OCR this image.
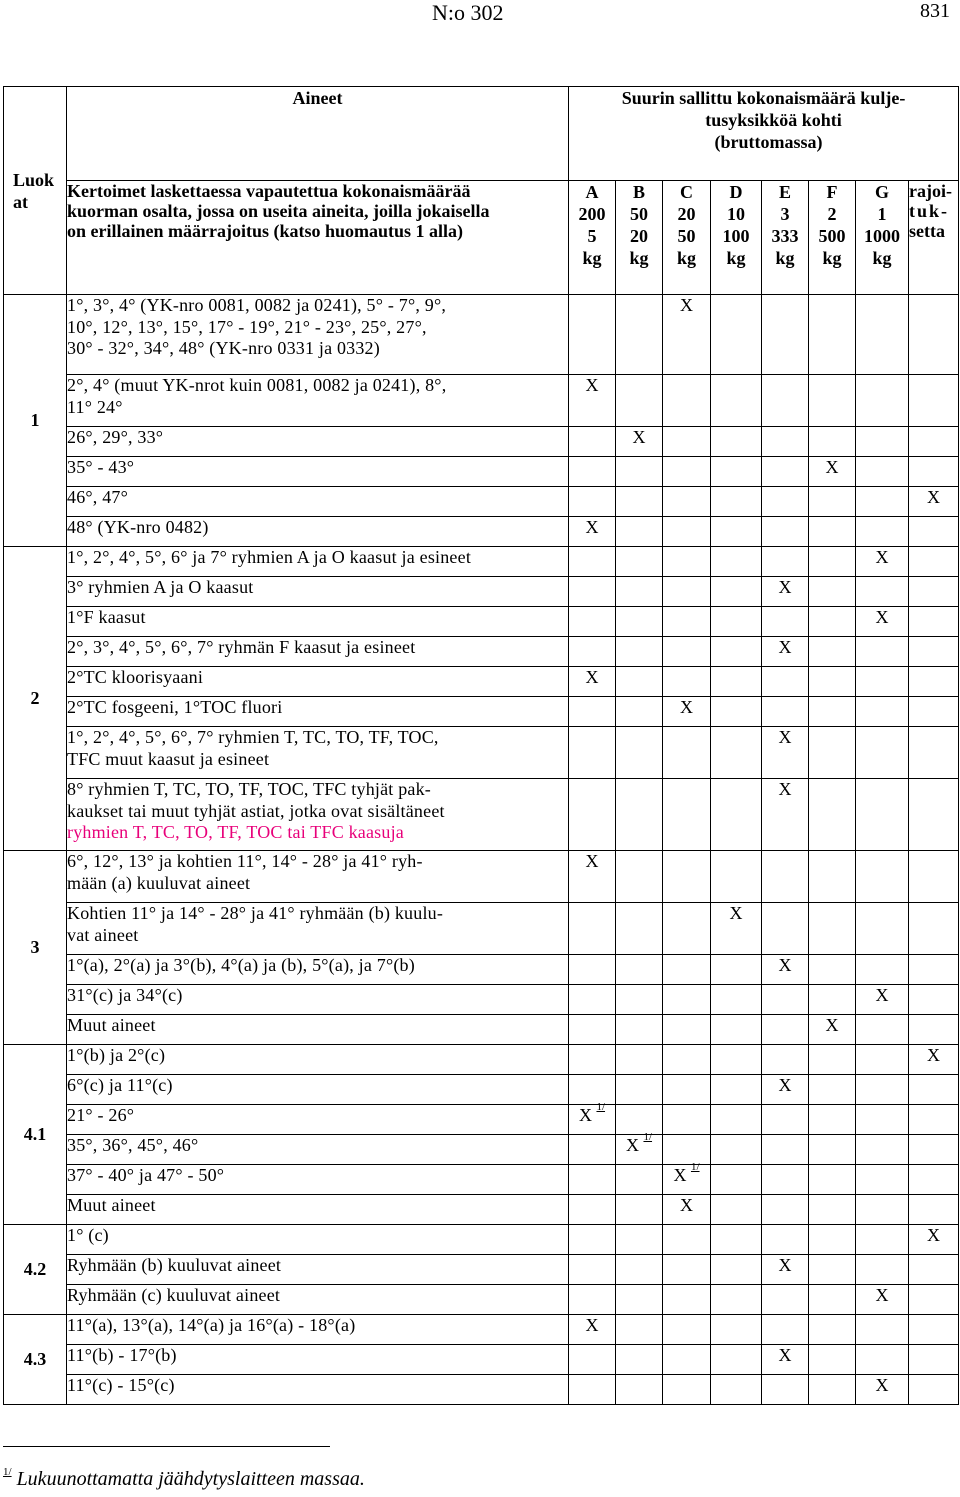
N:o 302	831
Luokat	Aineet	Suurin sallittu kokonaismäärä kulje-
tusyksikköä kohti
(bruttomassa)							

	Kertoimet laskettaessa vapautettua kokonaismäärää
kuorman osalta, jossa on useita aineita, joilla jokaisella
on erillainen määrrajoitus (katso huomautus 1 alla)	A
200
5
kg	B
50
20
kg	C
20
50
kg	D
10
100
kg	E
3
333
kg	F
2
500
kg	G
1
1000
kg	rajoi-
tuk-
setta

1	1°, 3°, 4° (YK-nro 0081, 0082 ja 0241), 5° - 7°, 9°,
10°, 12°, 13°, 15°, 17° - 19°, 21° - 23°, 25°, 27°,
30° - 32°, 34°, 48° (YK-nro 0331 ja 0332)			X					

	2°, 4° (muut YK-nrot kuin 0081, 0082 ja 0241), 8°,
11° 24°	X							
	26°, 29°, 33°		X						
	35° - 43°						X		
	46°, 47°								X
	48° (YK-nro 0482)	X							
2	1°, 2°, 4°, 5°, 6° ja 7° ryhmien A ja O kaasut ja esineet							X	
	3° ryhmien A ja O kaasut					X			
	1°F kaasut							X	
	2°, 3°, 4°, 5°, 6°, 7° ryhmän F kaasut ja esineet					X			
	2°TC kloorisyaani	X							
	2°TC fosgeeni, 1°TOC fluori			X					

	1°, 2°, 4°, 5°, 6°, 7° ryhmien T, TC, TO, TF, TOC,
TFC muut kaasut ja esineet					X			

	8° ryhmien T, TC, TO, TF, TOC, TFC tyhjät pak-
kaukset tai muut tyhjät astiat, jotka ovat sisältäneet
ryhmien T, TC, TO, TF, TOC tai TFC kaasuja					X			
3	6°, 12°, 13° ja kohtien 11°, 14° - 28° ja 41° ryh-
mään (a) kuuluvat aineet	X							

	Kohtien 11° ja 14° - 28° ja 41° ryhmään (b) kuulu-
vat aineet				X				
	1°(a), 2°(a) ja 3°(b), 4°(a) ja (b), 5°(a), ja 7°(b)					X			
	31°(c) ja 34°(c)							X	
	Muut aineet						X		
4.1	1°(b) ja 2°(c)								X
	6°(c) ja 11°(c)					X			
	21° - 26°	X $^{1/}$							
	35°, 36°, 45°, 46°		X $^{1/}$						
	37° - 40° ja 47° - 50°			X $^{1/}$					
	Muut aineet			X					
4.2	1° (c)								X
	Ryhmään (b) kuuluvat aineet					X			
	Ryhmään (c) kuuluvat aineet							X	
4.3	11°(a), 13°(a), 14°(a) ja 16°(a) - 18°(a)	X							
	11°(b) - 17°(b)					X			
	11°(c) - 15°(c)							X	
$^{1/}$ Lukuunottamatta jäähdytyslaitteen massaa.
